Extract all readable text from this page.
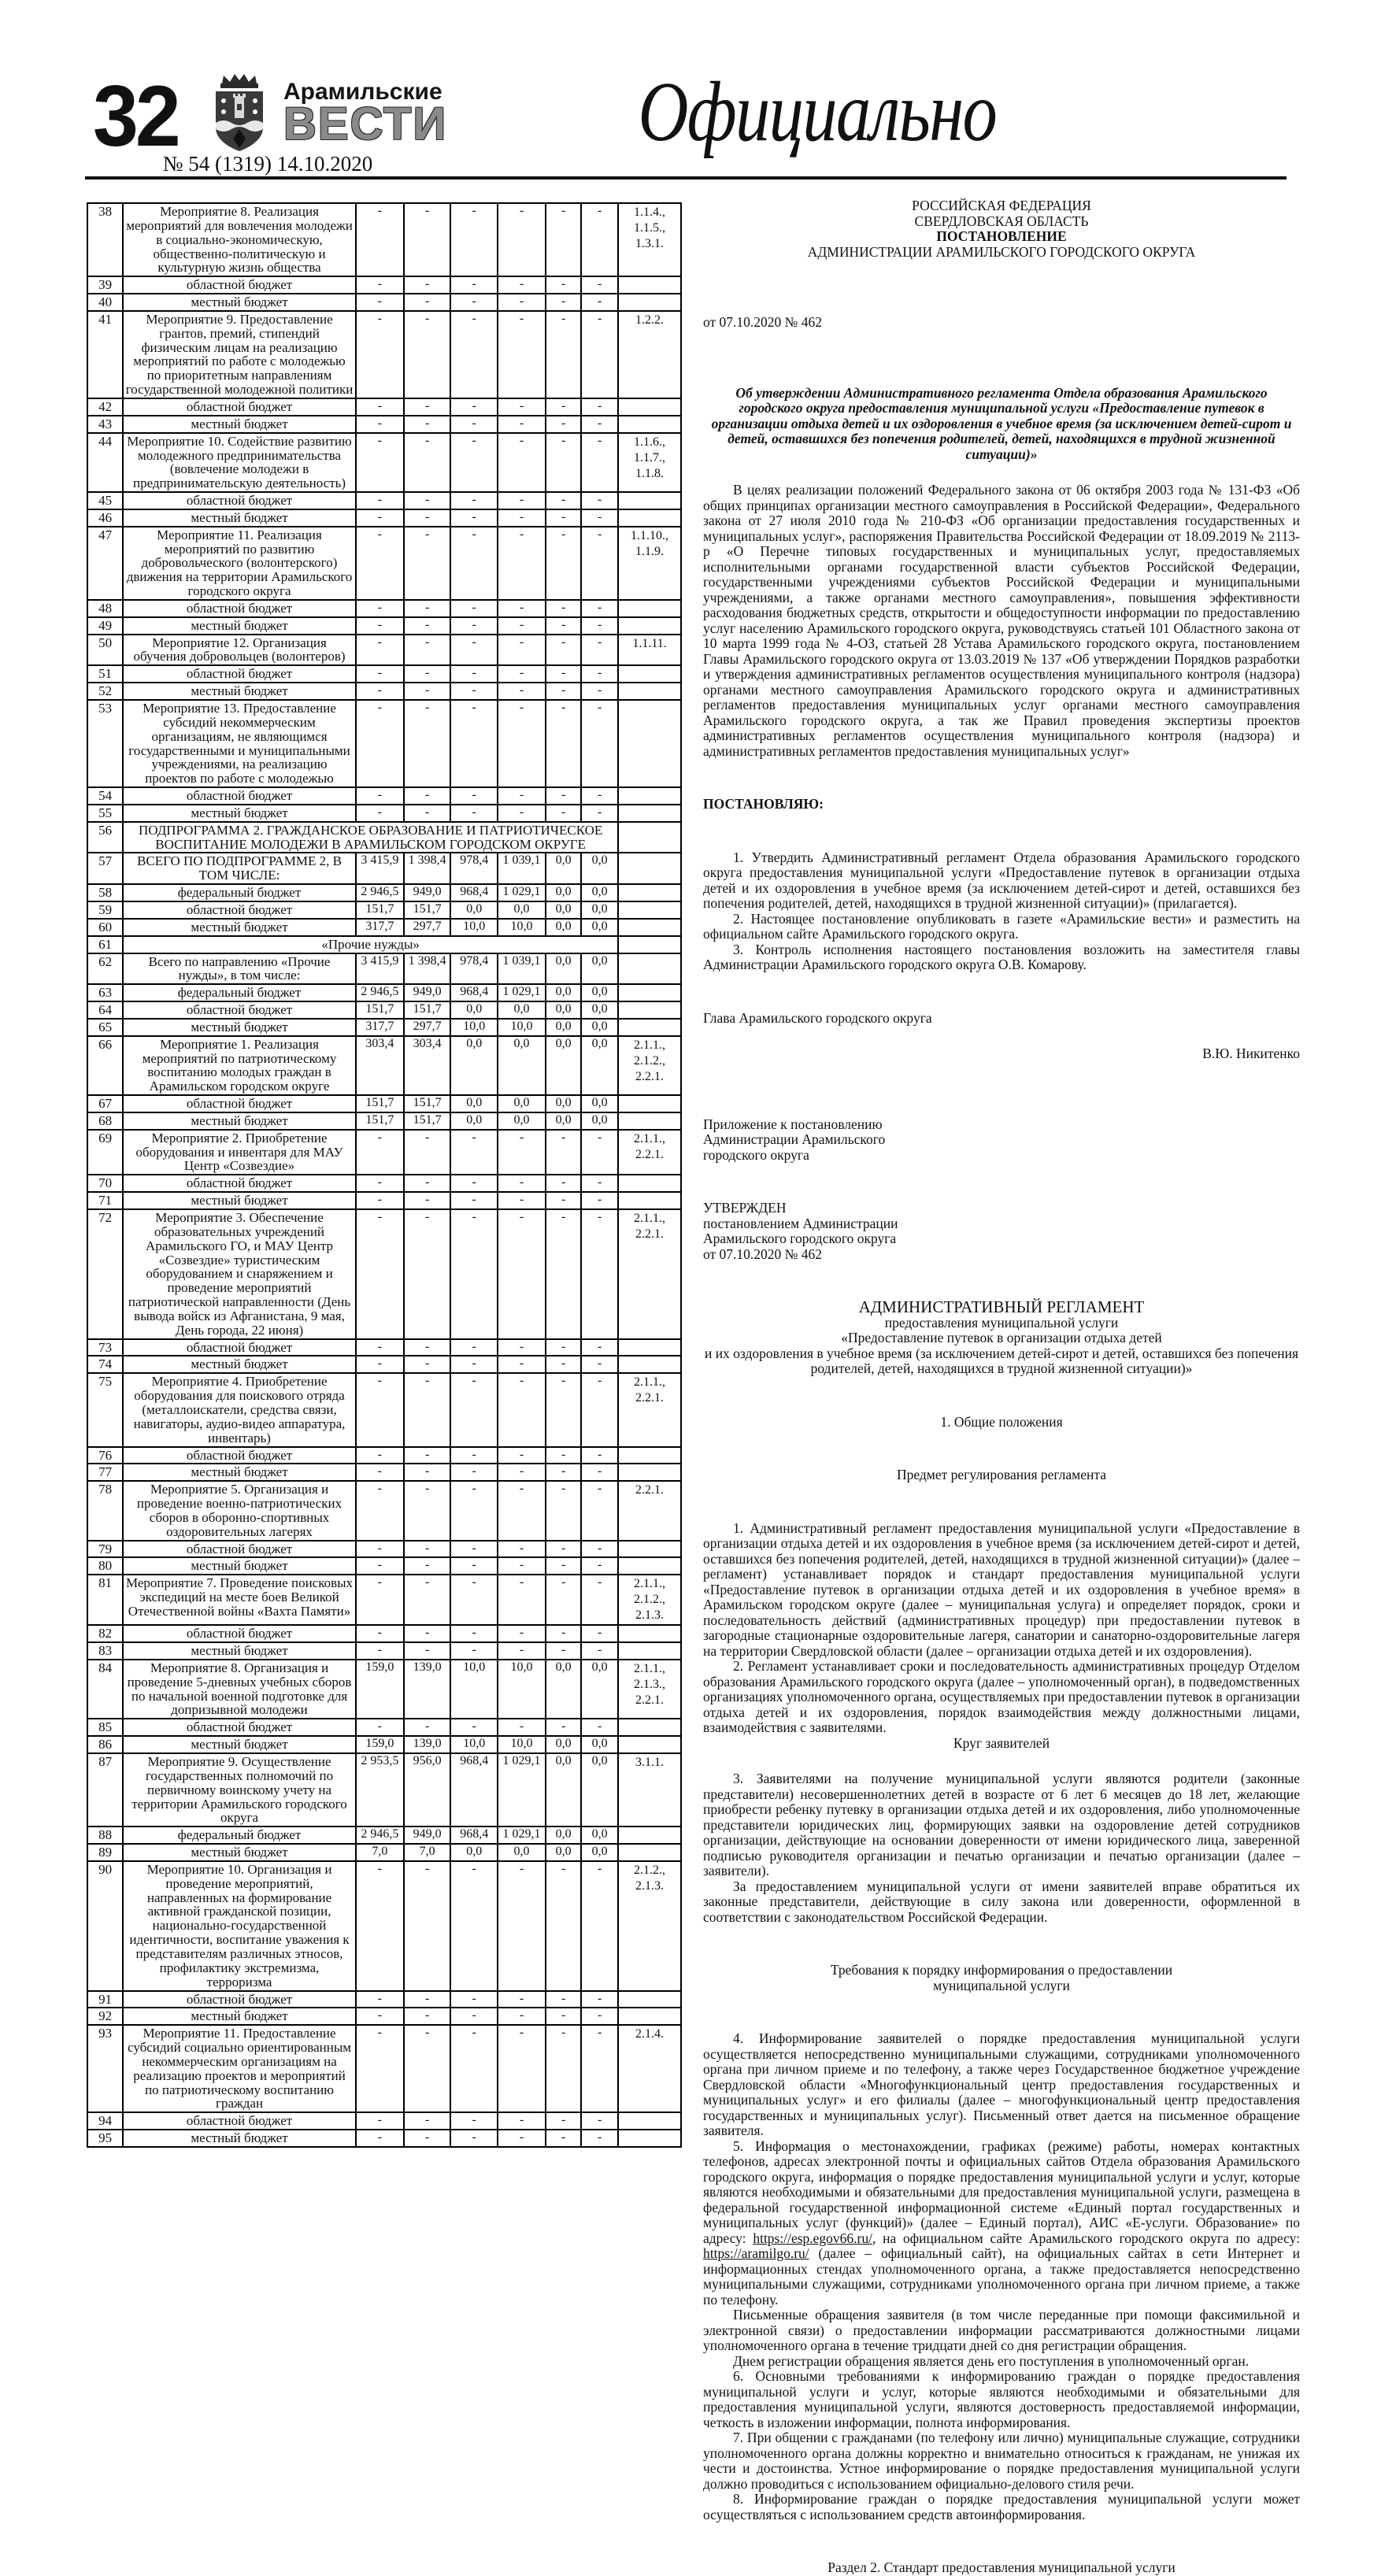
32	Арамильские
ВЕСТИ
№ 54 (1319) 14.10.2020
Официально
38	Мероприятие 8. Реализация мероприятий для вовлечения молодежи в социально-экономическую, общественно-политическую и культурную жизнь общества	-	-	-	-	-	-	1.1.4., 1.1.5., 1.3.1.
39	областной бюджет	-	-	-	-	-	-	
40	местный бюджет	-	-	-	-	-	-	
41	Мероприятие 9. Предоставление грантов, премий, стипендий физическим лицам на реализацию мероприятий по работе с молодежью по приоритетным направлениям государственной молодежной политики	-	-	-	-	-	-	1.2.2.
42	областной бюджет	-	-	-	-	-	-	
43	местный бюджет	-	-	-	-	-	-	
44	Мероприятие 10. Содействие развитию молодежного предпринимательства (вовлечение молодежи в предпринимательскую деятельность)	-	-	-	-	-	-	1.1.6., 1.1.7., 1.1.8.
45	областной бюджет	-	-	-	-	-	-	
46	местный бюджет	-	-	-	-	-	-	
47	Мероприятие 11. Реализация мероприятий по развитию добровольческого (волонтерского) движения на территории Арамильского городского округа	-	-	-	-	-	-	1.1.10., 1.1.9.
48	областной бюджет	-	-	-	-	-	-	
49	местный бюджет	-	-	-	-	-	-	
50	Мероприятие 12. Организация обучения добровольцев (волонтеров)	-	-	-	-	-	-	1.1.11.
51	областной бюджет	-	-	-	-	-	-	
52	местный бюджет	-	-	-	-	-	-	
53	Мероприятие 13. Предоставление субсидий некоммерческим организациям, не являющимся государственными и муниципальными учреждениями, на реализацию проектов по работе с молодежью	-	-	-	-	-	-	
54	областной бюджет	-	-	-	-	-	-	
55	местный бюджет	-	-	-	-	-	-	
56	ПОДПРОГРАММА 2. ГРАЖДАНСКОЕ ОБРАЗОВАНИЕ И ПАТРИОТИЧЕСКОЕ ВОСПИТАНИЕ МОЛОДЕЖИ В АРАМИЛЬСКОМ ГОРОДСКОМ ОКРУГЕ							
57	ВСЕГО ПО ПОДПРОГРАММЕ 2, В ТОМ ЧИСЛЕ:	3 415,9	1 398,4	978,4	1 039,1	0,0	0,0	
58	федеральный бюджет	2 946,5	949,0	968,4	1 029,1	0,0	0,0	
59	областной бюджет	151,7	151,7	0,0	0,0	0,0	0,0	
60	местный бюджет	317,7	297,7	10,0	10,0	0,0	0,0	
61	«Прочие нужды»							
62	Всего по направлению «Прочие нужды», в том числе:	3 415,9	1 398,4	978,4	1 039,1	0,0	0,0	
63	федеральный бюджет	2 946,5	949,0	968,4	1 029,1	0,0	0,0	
64	областной бюджет	151,7	151,7	0,0	0,0	0,0	0,0	
65	местный бюджет	317,7	297,7	10,0	10,0	0,0	0,0	
66	Мероприятие 1. Реализация мероприятий по патриотическому воспитанию молодых граждан в Арамильском городском округе	303,4	303,4	0,0	0,0	0,0	0,0	2.1.1., 2.1.2., 2.2.1.
67	областной бюджет	151,7	151,7	0,0	0,0	0,0	0,0	
68	местный бюджет	151,7	151,7	0,0	0,0	0,0	0,0	
69	Мероприятие 2. Приобретение оборудования и инвентаря для МАУ Центр «Созвездие»	-	-	-	-	-	-	2.1.1., 2.2.1.
70	областной бюджет	-	-	-	-	-	-	
71	местный бюджет	-	-	-	-	-	-	
72	Мероприятие 3. Обеспечение образовательных учреждений Арамильского ГО, и МАУ Центр «Созвездие» туристическим оборудованием и снаряжением и проведение мероприятий патриотической направленности (День вывода войск из Афганистана, 9 мая, День города, 22 июня)	-	-	-	-	-	-	2.1.1., 2.2.1.
73	областной бюджет	-	-	-	-	-	-	
74	местный бюджет	-	-	-	-	-	-	
75	Мероприятие 4. Приобретение оборудования для поискового отряда (металлоискатели, средства связи, навигаторы, аудио-видео аппаратура, инвентарь)	-	-	-	-	-	-	2.1.1., 2.2.1.
76	областной бюджет	-	-	-	-	-	-	
77	местный бюджет	-	-	-	-	-	-	
78	Мероприятие 5. Организация и проведение военно-патриотических сборов в оборонно-спортивных оздоровительных лагерях	-	-	-	-	-	-	2.2.1.
79	областной бюджет	-	-	-	-	-	-	
80	местный бюджет	-	-	-	-	-	-	
81	Мероприятие 7. Проведение поисковых экспедиций на месте боев Великой Отечественной войны «Вахта Памяти»	-	-	-	-	-	-	2.1.1., 2.1.2., 2.1.3.
82	областной бюджет	-	-	-	-	-	-	
83	местный бюджет	-	-	-	-	-	-	
84	Мероприятие 8. Организация и проведение 5-дневных учебных сборов по начальной военной подготовке для допризывной молодежи	159,0	139,0	10,0	10,0	0,0	0,0	2.1.1., 2.1.3., 2.2.1.
85	областной бюджет	-	-	-	-	-	-	
86	местный бюджет	159,0	139,0	10,0	10,0	0,0	0,0	
87	Мероприятие 9. Осуществление государственных полномочий по первичному воинскому учету на территории Арамильского городского округа	2 953,5	956,0	968,4	1 029,1	0,0	0,0	3.1.1.
88	федеральный бюджет	2 946,5	949,0	968,4	1 029,1	0,0	0,0	
89	местный бюджет	7,0	7,0	0,0	0,0	0,0	0,0	
90	Мероприятие 10. Организация и проведение мероприятий, направленных на формирование активной гражданской позиции, национально-государственной идентичности, воспитание уважения к представителям различных этносов, профилактику экстремизма, терроризма	-	-	-	-	-	-	2.1.2., 2.1.3.
91	областной бюджет	-	-	-	-	-	-	
92	местный бюджет	-	-	-	-	-	-	
93	Мероприятие 11. Предоставление субсидий социально ориентированным некоммерческим организациям на реализацию проектов и мероприятий по патриотическому воспитанию граждан	-	-	-	-	-	-	2.1.4.
94	областной бюджет	-	-	-	-	-	-	
95	местный бюджет	-	-	-	-	-	-	
РОССИЙСКАЯ ФЕДЕРАЦИЯ
СВЕРДЛОВСКАЯ ОБЛАСТЬ
ПОСТАНОВЛЕНИЕ
АДМИНИСТРАЦИИ АРАМИЛЬСКОГО ГОРОДСКОГО ОКРУГА
от 07.10.2020 № 462
Об утверждении Административного регламента Отдела образования Арамильского городского округа предоставления муниципальной услуги «Предоставление путевок в организации отдыха детей и их оздоровления в учебное время (за исключением детей-сирот и детей, оставшихся без попечения родителей, детей, находящихся в трудной жизненной ситуации)»
В целях реализации положений Федерального закона от 06 октября 2003 года № 131-ФЗ «Об общих принципах организации местного самоуправления в Российской Федерации», Федерального закона от 27 июля 2010 года № 210-ФЗ «Об организации предоставления государственных и муниципальных услуг», распоряжения Правительства Российской Федерации от 18.09.2019 № 2113-р «О Перечне типовых государственных и муниципальных услуг, предоставляемых исполнительными органами государственной власти субъектов Российской Федерации, государственными учреждениями субъектов Российской Федерации и муниципальными учреждениями, а также органами местного самоуправления», повышения эффективности расходования бюджетных средств, открытости и общедоступности информации по предоставлению услуг населению Арамильского городского округа, руководствуясь статьей 101 Областного закона от 10 марта 1999 года № 4-ОЗ, статьей 28 Устава Арамильского городского округа, постановлением Главы Арамильского городского округа от 13.03.2019 № 137 «Об утверждении Порядков разработки и утверждения административных регламентов осуществления муниципального контроля (надзора) органами местного самоуправления Арамильского городского округа и административных регламентов предоставления муниципальных услуг органами местного самоуправления Арамильского городского округа, а так же Правил проведения экспертизы проектов административных регламентов осуществления муниципального контроля (надзора) и административных регламентов предоставления муниципальных услуг»
ПОСТАНОВЛЯЮ:
1. Утвердить Административный регламент Отдела образования Арамильского городского округа предоставления муниципальной услуги «Предоставление путевок в организации отдыха детей и их оздоровления в учебное время (за исключением детей-сирот и детей, оставшихся без попечения родителей, детей, находящихся в трудной жизненной ситуации)» (прилагается).
2. Настоящее постановление опубликовать в газете «Арамильские вести» и разместить на официальном сайте Арамильского городского округа.
3. Контроль исполнения настоящего постановления возложить на заместителя главы Администрации Арамильского городского округа О.В. Комарову.
Глава Арамильского городского округа
В.Ю. Никитенко
Приложение к постановлению
Администрации Арамильского
городского округа
УТВЕРЖДЕН
постановлением Администрации
Арамильского городского округа
от 07.10.2020 № 462
АДМИНИСТРАТИВНЫЙ РЕГЛАМЕНТ
предоставления муниципальной услуги
«Предоставление путевок в организации отдыха детей
и их оздоровления в учебное время (за исключением детей-сирот и детей, оставшихся без попечения
родителей, детей, находящихся в трудной жизненной ситуации)»
1. Общие положения
Предмет регулирования регламента
1. Административный регламент предоставления муниципальной услуги «Предоставление в организации отдыха детей и их оздоровления в учебное время (за исключением детей-сирот и детей, оставшихся без попечения родителей, детей, находящихся в трудной жизненной ситуации)» (далее – регламент) устанавливает порядок и стандарт предоставления муниципальной услуги «Предоставление путевок в организации отдыха детей и их оздоровления в учебное время» в Арамильском городском округе (далее – муниципальная услуга) и определяет порядок, сроки и последовательность действий (административных процедур) при предоставлении путевок в загородные стационарные оздоровительные лагеря, санатории и санаторно-оздоровительные лагеря на территории Свердловской области (далее – организации отдыха детей и их оздоровления).
2. Регламент устанавливает сроки и последовательность административных процедур Отделом образования Арамильского городского округа (далее – уполномоченный орган), в подведомственных организациях уполномоченного органа, осуществляемых при предоставлении путевок в организации отдыха детей и их оздоровления, порядок взаимодействия между должностными лицами, взаимодействия с заявителями.
Круг заявителей
3. Заявителями на получение муниципальной услуги являются родители (законные представители) несовершеннолетних детей в возрасте от 6 лет 6 месяцев до 18 лет, желающие приобрести ребенку путевку в организации отдыха детей и их оздоровления, либо уполномоченные представители юридических лиц, формирующих заявки на оздоровление детей сотрудников организации, действующие на основании доверенности от имени юридического лица, заверенной подписью руководителя организации и печатью организации и печатью организации (далее – заявители).
За предоставлением муниципальной услуги от имени заявителей вправе обратиться их законные представители, действующие в силу закона или доверенности, оформленной в соответствии с законодательством Российской Федерации.
Требования к порядку информирования о предоставлении
муниципальной услуги
4. Информирование заявителей о порядке предоставления муниципальной услуги осуществляется непосредственно муниципальными служащими, сотрудниками уполномоченного органа при личном приеме и по телефону, а также через Государственное бюджетное учреждение Свердловской области «Многофункциональный центр предоставления государственных и муниципальных услуг» и его филиалы (далее – многофункциональный центр предоставления государственных и муниципальных услуг). Письменный ответ дается на письменное обращение заявителя.
5. Информация о местонахождении, графиках (режиме) работы, номерах контактных телефонов, адресах электронной почты и официальных сайтов Отдела образования Арамильского городского округа, информация о порядке предоставления муниципальной услуги и услуг, которые являются необходимыми и обязательными для предоставления муниципальной услуги, размещена в федеральной государственной информационной системе «Единый портал государственных и муниципальных услуг (функций)» (далее – Единый портал), АИС «Е-услуги. Образование» по адресу: https://esp.egov66.ru/, на официальном сайте Арамильского городского округа по адресу: https://aramilgo.ru/ (далее – официальный сайт), на официальных сайтах в сети Интернет и информационных стендах уполномоченного органа, а также предоставляется непосредственно муниципальными служащими, сотрудниками уполномоченного органа при личном приеме, а также по телефону.
Письменные обращения заявителя (в том числе переданные при помощи факсимильной и электронной связи) о предоставлении информации рассматриваются должностными лицами уполномоченного органа в течение тридцати дней со дня регистрации обращения.
Днем регистрации обращения является день его поступления в уполномоченный орган.
6. Основными требованиями к информированию граждан о порядке предоставления муниципальной услуги и услуг, которые являются необходимыми и обязательными для предоставления муниципальной услуги, являются достоверность предоставляемой информации, четкость в изложении информации, полнота информирования.
7. При общении с гражданами (по телефону или лично) муниципальные служащие, сотрудники уполномоченного органа должны корректно и внимательно относиться к гражданам, не унижая их чести и достоинства. Устное информирование о порядке предоставления муниципальной услуги должно проводиться с использованием официально-делового стиля речи.
8. Информирование граждан о порядке предоставления муниципальной услуги может осуществляться с использованием средств автоинформирования.
Раздел 2. Стандарт предоставления муниципальной услуги
